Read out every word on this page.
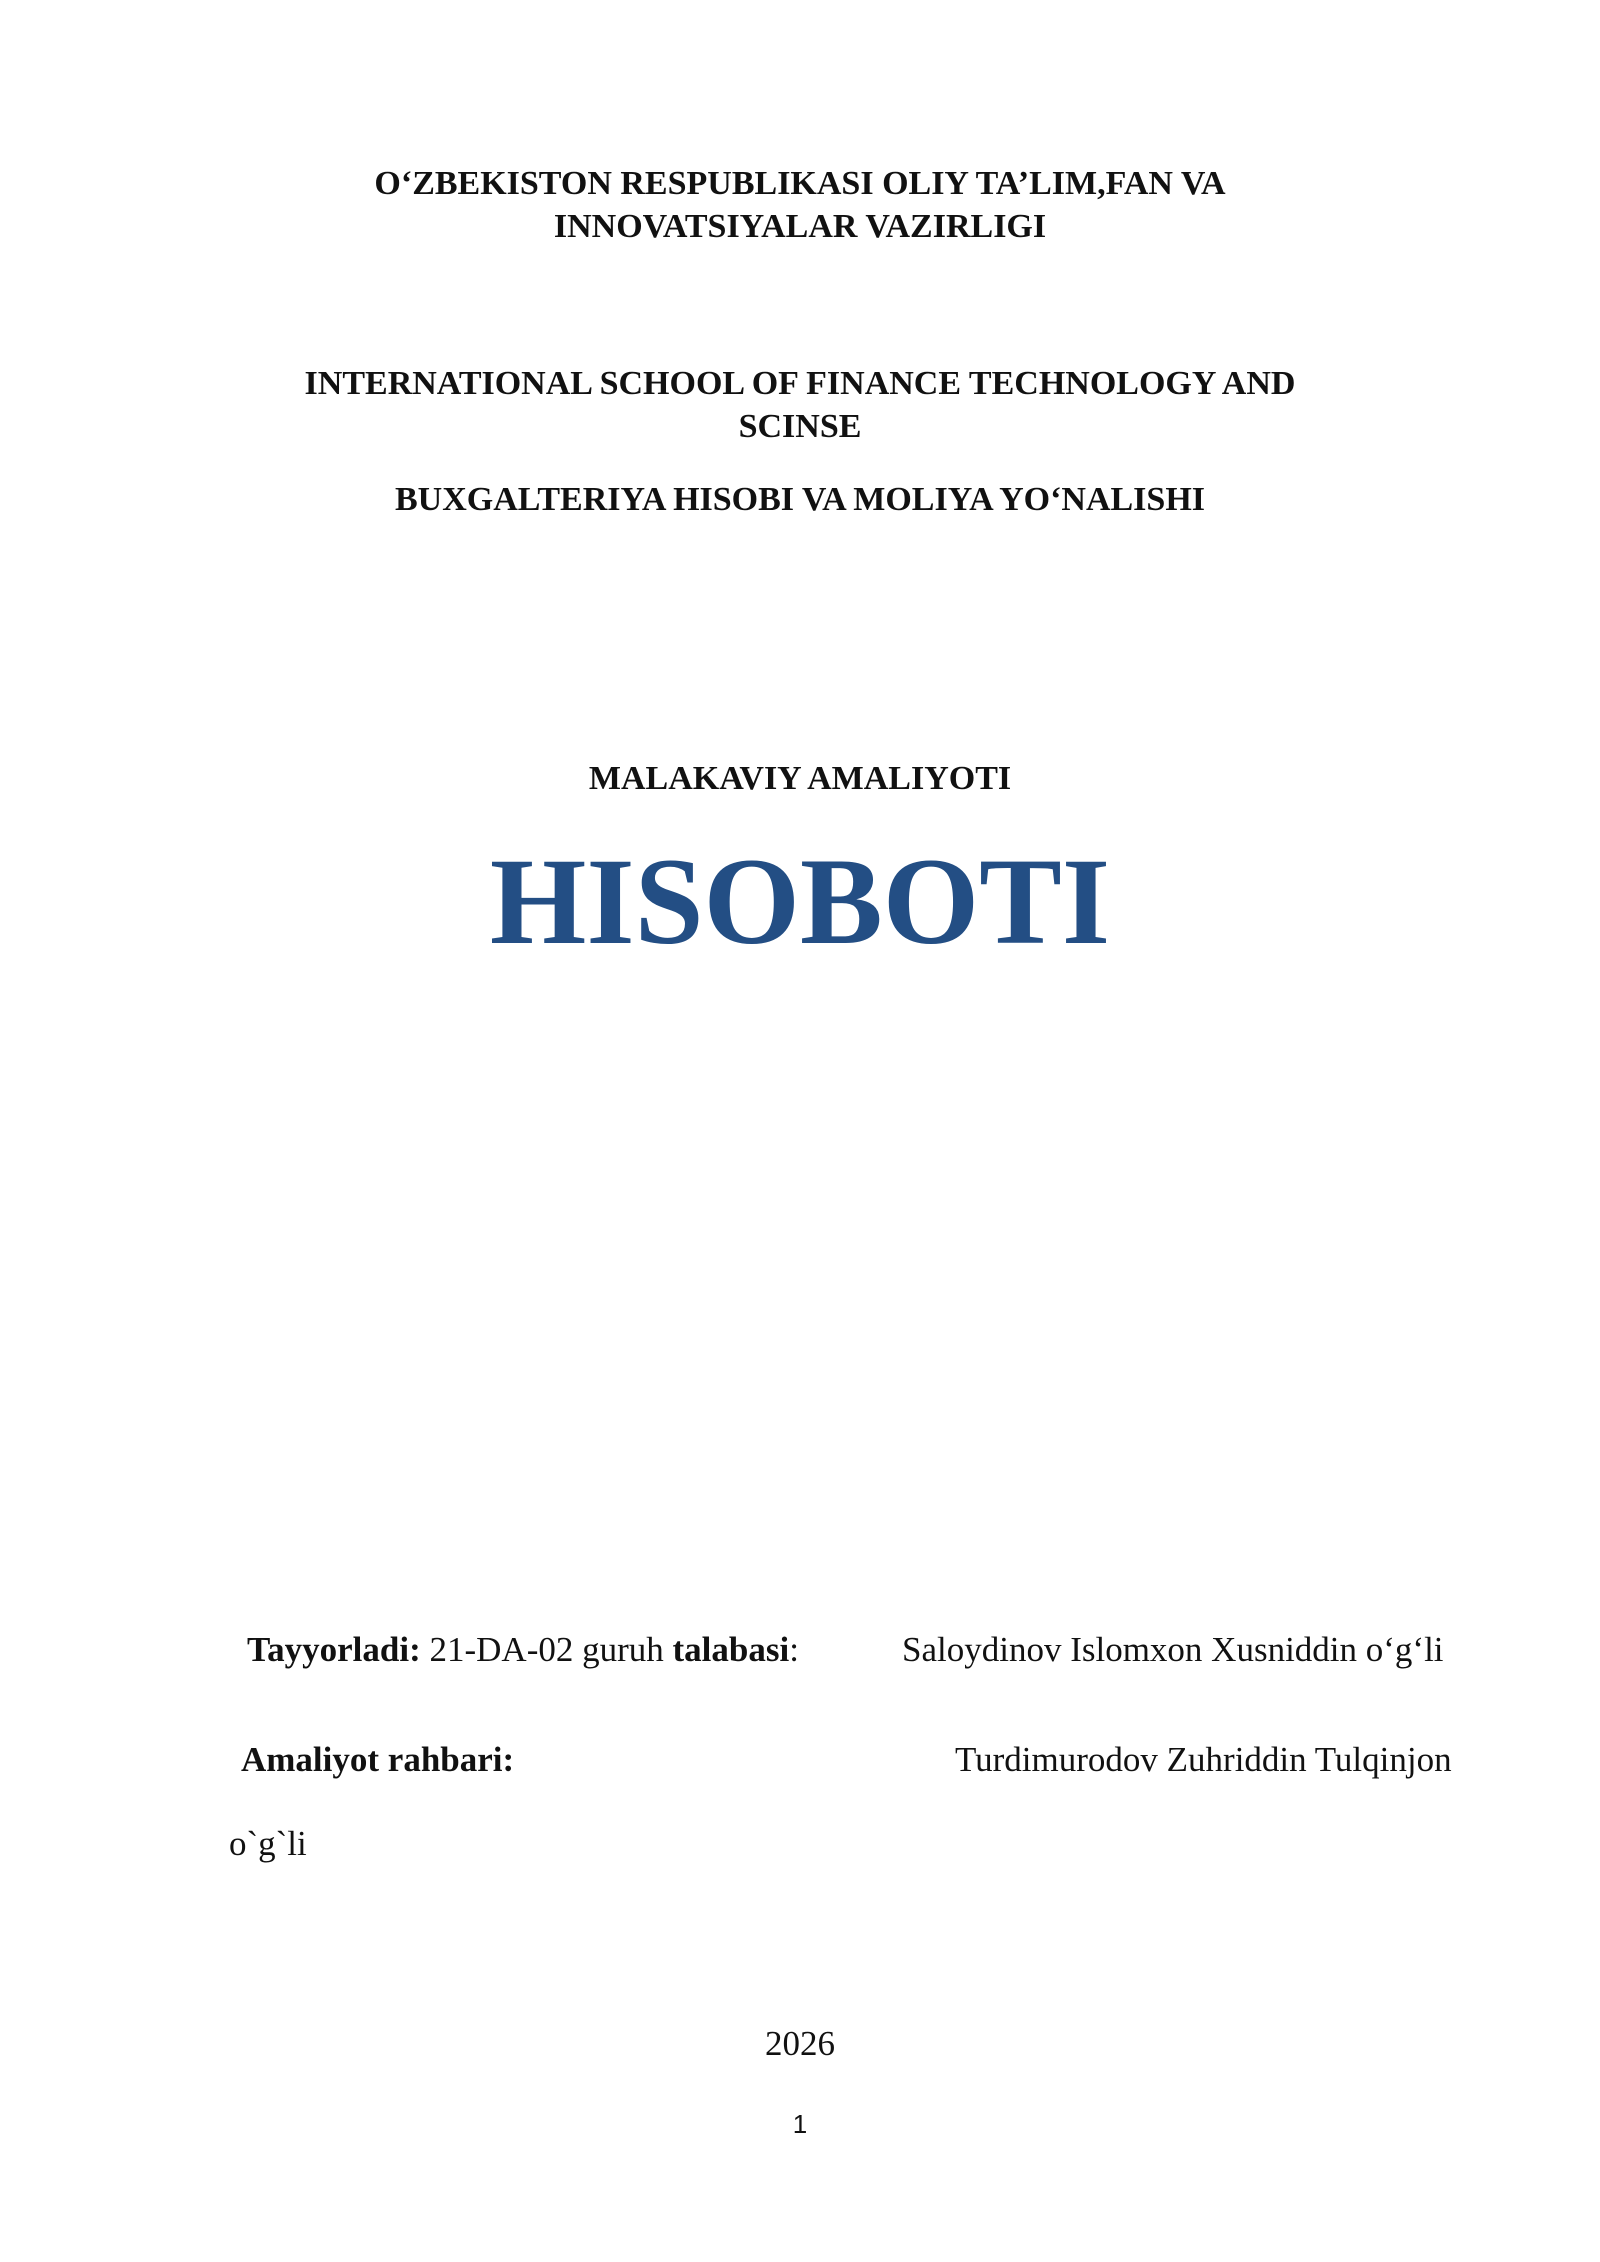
O‘ZBEKISTON RESPUBLIKASI OLIY TA’LIM,FAN VA
INNOVATSIYALAR VAZIRLIGI
INTERNATIONAL SCHOOL OF FINANCE TECHNOLOGY AND
SCINSE
BUXGALTERIYA HISOBI VA MOLIYA YO‘NALISHI
MALAKAVIY AMALIYOTI
HISOBOTI
Tayyorladi: 21-DA-02 guruh talabasi:	Saloydinov Islomxon Xusniddin o‘g‘li
Amaliyot rahbari:	Turdimurodov Zuhriddin Tulqinjon
o`g`li
2026
1
